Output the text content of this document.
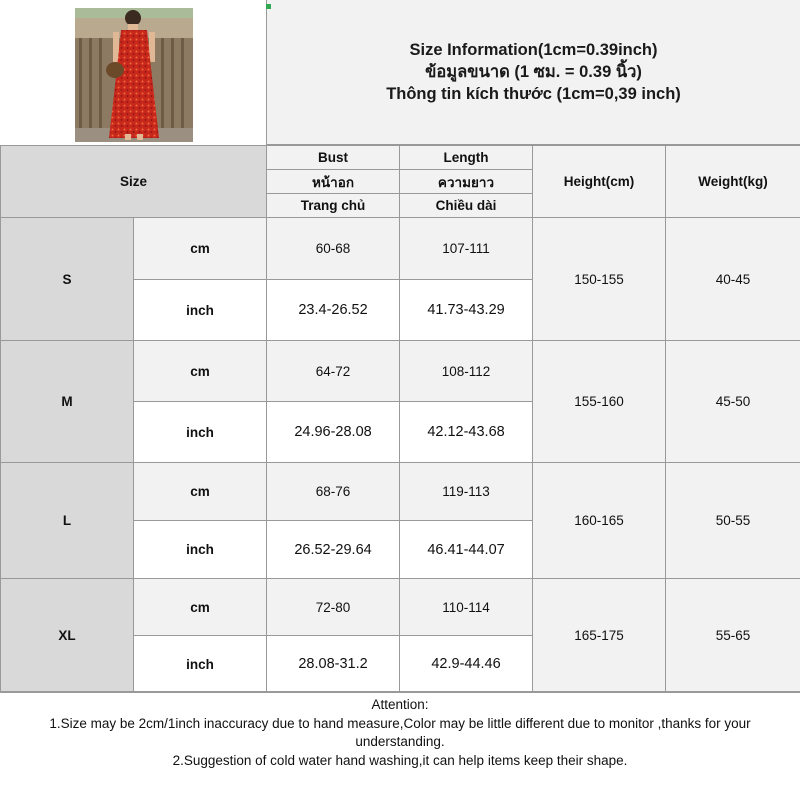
Size Information(1cm=0.39inch)
ข้อมูลขนาด (1 ซม. = 0.39 นิ้ว)
Thông tin kích thước (1cm=0,39 inch)
Size		Bust	Length	Height(cm)	Weight(kg)
		หน้าอก	ความยาว		
		Trang chủ	Chiều dài		
S	cm	60-68	107-111	150-155	40-45
	inch	23.4-26.52	41.73-43.29		
M	cm	64-72	108-112	155-160	45-50
	inch	24.96-28.08	42.12-43.68		
L	cm	68-76	119-113	160-165	50-55
	inch	26.52-29.64	46.41-44.07		
XL	cm	72-80	110-114	165-175	55-65
	inch	28.08-31.2	42.9-44.46		
Attention:
1.Size may be 2cm/1inch inaccuracy due to hand measure,Color may be little different due to monitor ,thanks for your understanding.
2.Suggestion of cold water hand washing,it can help items keep their shape.
